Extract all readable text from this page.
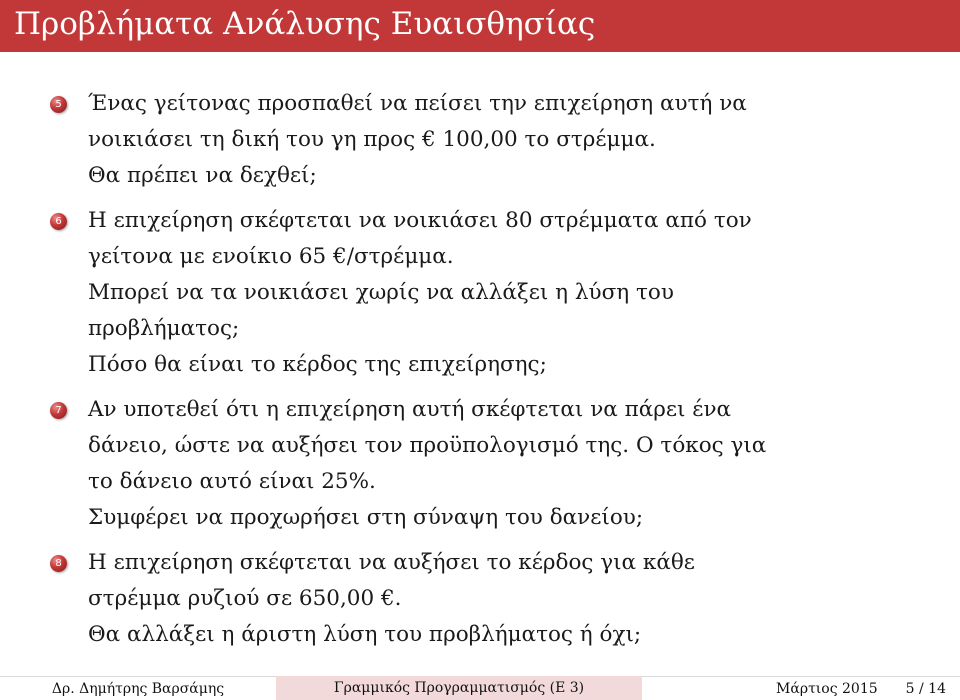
Προβλήματα Ανάλυσης Ευαισθησίας
5 Ένας γείτονας προσπαθεί να πείσει την επιχείρηση αυτή να
νοικιάσει τη δική του γη προς € 100,00 το στρέμμα.
Θα πρέπει να δεχθεί;
6 Η επιχείρηση σκέφτεται να νοικιάσει 80 στρέμματα από τον
γείτονα με ενοίκιο 65 €/στρέμμα.
Μπορεί να τα νοικιάσει χωρίς να αλλάξει η λύση του
προβλήματος;
Πόσο θα είναι το κέρδος της επιχείρησης;
7 Αν υποτεθεί ότι η επιχείρηση αυτή σκέφτεται να πάρει ένα
δάνειο, ώστε να αυξήσει τον προϋπολογισμό της. Ο τόκος για
το δάνειο αυτό είναι 25%.
Συμφέρει να προχωρήσει στη σύναψη του δανείου;
8 Η επιχείρηση σκέφτεται να αυξήσει το κέρδος για κάθε
στρέμμα ρυζιού σε 650,00 €.
Θα αλλάξει η άριστη λύση του προβλήματος ή όχι;
Δρ. Δημήτρης Βαρσάμης	Γραμμικός Προγραμματισμός (Ε 3)	Μάρτιος 2015 5 / 14
